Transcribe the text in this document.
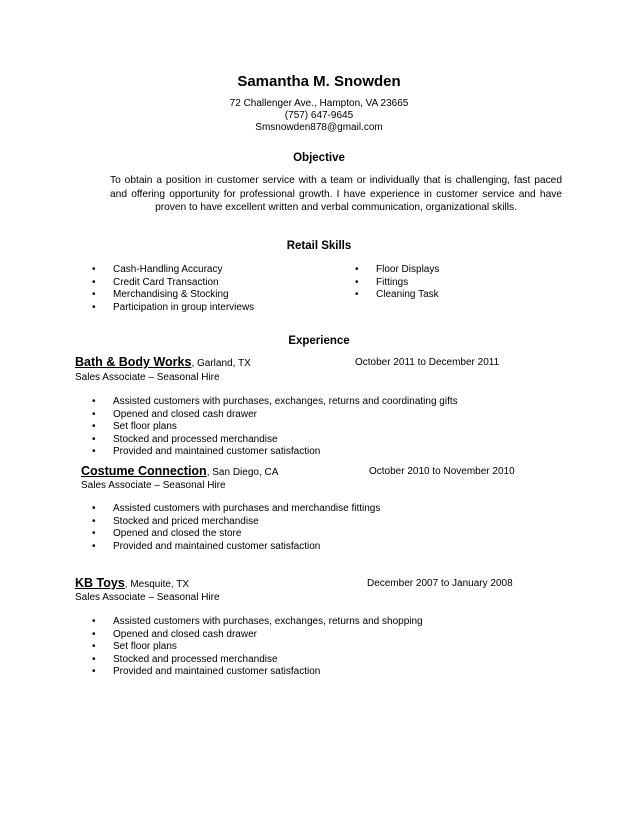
Samantha M. Snowden
72 Challenger Ave., Hampton, VA 23665
(757) 647-9645
Smsnowden878@gmail.com
Objective
To obtain a position in customer service with a team or individually that is challenging, fast paced and offering opportunity for professional growth. I have experience in customer service and have proven to have excellent written and verbal communication, organizational skills.
Retail Skills
• Cash-Handling Accuracy
• Credit Card Transaction
• Merchandising & Stocking
• Participation in group interviews
• Floor Displays
• Fittings
• Cleaning Task
Experience
Bath & Body Works, Garland, TX	October 2011 to December 2011
Sales Associate – Seasonal Hire
• Assisted customers with purchases, exchanges, returns and coordinating gifts
• Opened and closed cash drawer
• Set floor plans
• Stocked and processed merchandise
• Provided and maintained customer satisfaction
Costume Connection, San Diego, CA	October 2010 to November 2010
Sales Associate – Seasonal Hire
• Assisted customers with purchases and merchandise fittings
• Stocked and priced merchandise
• Opened and closed the store
• Provided and maintained customer satisfaction
KB Toys, Mesquite, TX	December 2007 to January 2008
Sales Associate – Seasonal Hire
• Assisted customers with purchases, exchanges, returns and shopping
• Opened and closed cash drawer
• Set floor plans
• Stocked and processed merchandise
• Provided and maintained customer satisfaction
